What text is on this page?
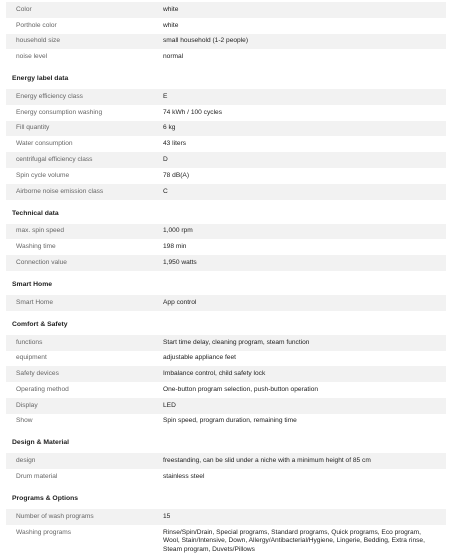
Color	white
Porthole color	white
household size	small household (1-2 people)
noise level	normal
Energy label data
Energy efficiency class	E
Energy consumption washing	74 kWh / 100 cycles
Fill quantity	6 kg
Water consumption	43 liters
centrifugal efficiency class	D
Spin cycle volume	78 dB(A)
Airborne noise emission class	C
Technical data
max. spin speed	1,000 rpm
Washing time	198 min
Connection value	1,950 watts
Smart Home
Smart Home	App control
Comfort & Safety
functions	Start time delay, cleaning program, steam function
equipment	adjustable appliance feet
Safety devices	Imbalance control, child safety lock
Operating method	One-button program selection, push-button operation
Display	LED
Show	Spin speed, program duration, remaining time
Design & Material
design	freestanding, can be slid under a niche with a minimum height of 85 cm
Drum material	stainless steel
Programs & Options
Number of wash programs	15
Washing programs	Rinse/Spin/Drain, Special programs, Standard programs, Quick programs, Eco program, Wool, Stain/Intensive, Down, Allergy/Antibacterial/Hygiene, Lingerie, Bedding, Extra rinse, Steam program, Duvets/Pillows
